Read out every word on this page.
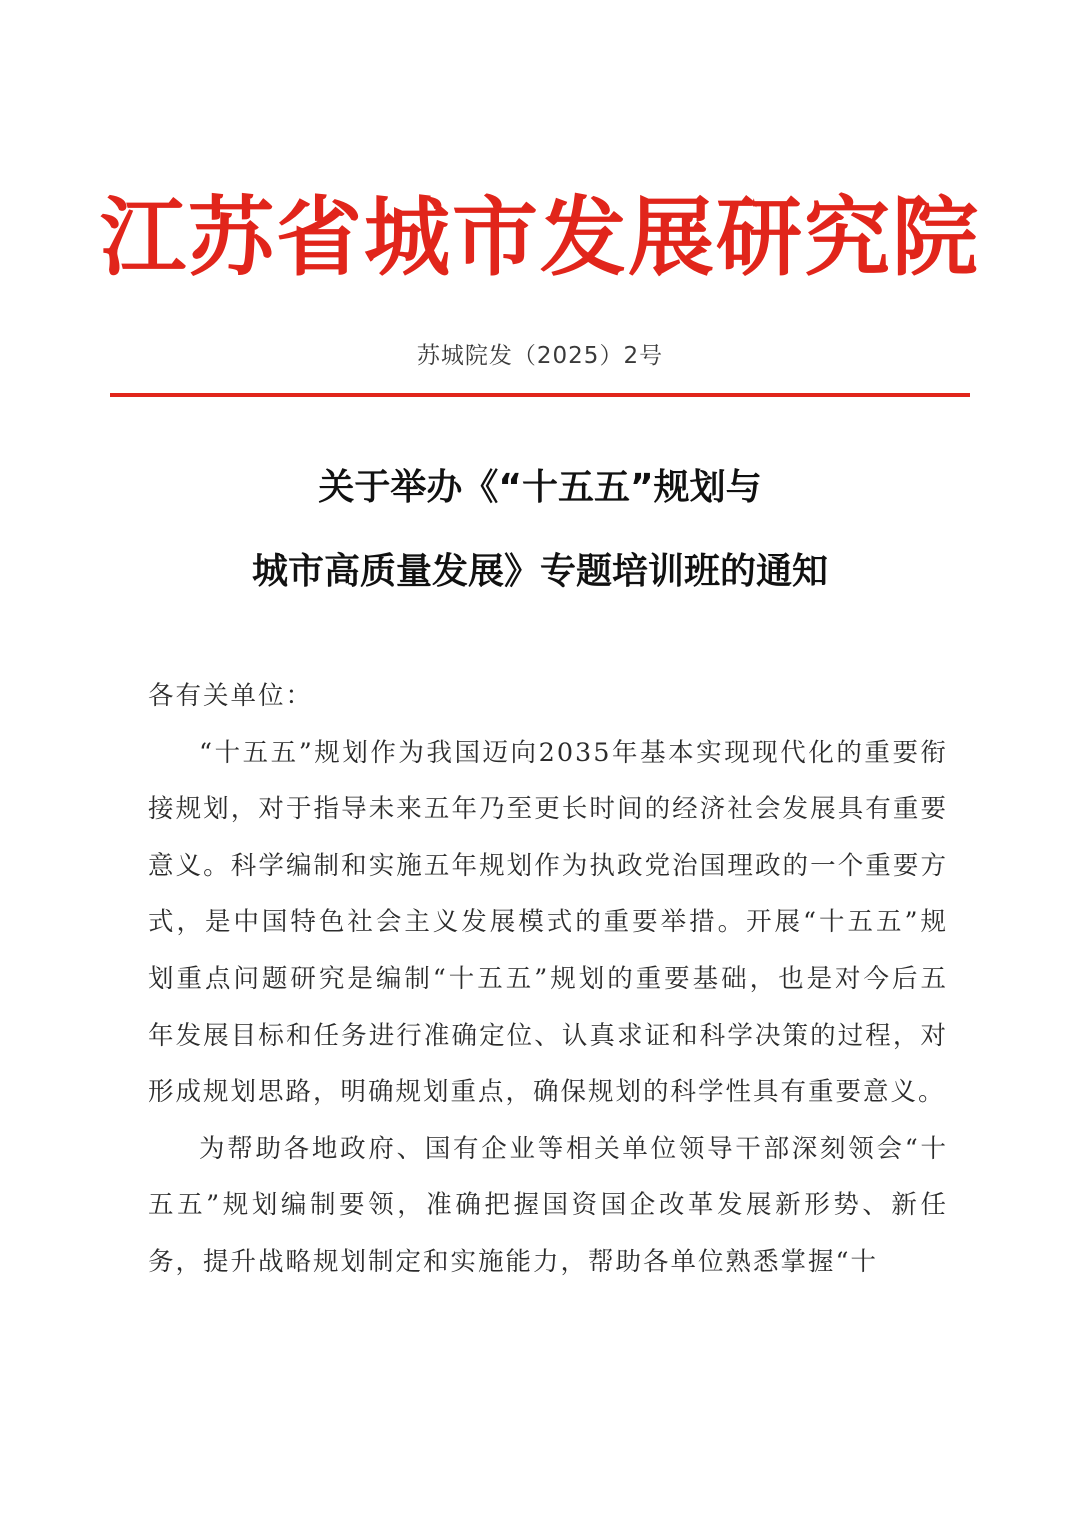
江苏省城市发展研究院
苏城院发（2025）2号
关于举办《“十五五”规划与
城市高质量发展》专题培训班的通知

各有关单位：

“十五五”规划作为我国迈向2035年基本实现现代化的重要衔接规划，对于指导未来五年乃至更长时间的经济社会发展具有重要意义。科学编制和实施五年规划作为执政党治国理政的一个重要方式，是中国特色社会主义发展模式的重要举措。开展“十五五”规划重点问题研究是编制“十五五”规划的重要基础，也是对今后五年发展目标和任务进行准确定位、认真求证和科学决策的过程，对形成规划思路，明确规划重点，确保规划的科学性具有重要意义。

为帮助各地政府、国有企业等相关单位领导干部深刻领会“十五五”规划编制要领，准确把握国资国企改革发展新形势、新任务，提升战略规划制定和实施能力，帮助各单位熟悉掌握“十
